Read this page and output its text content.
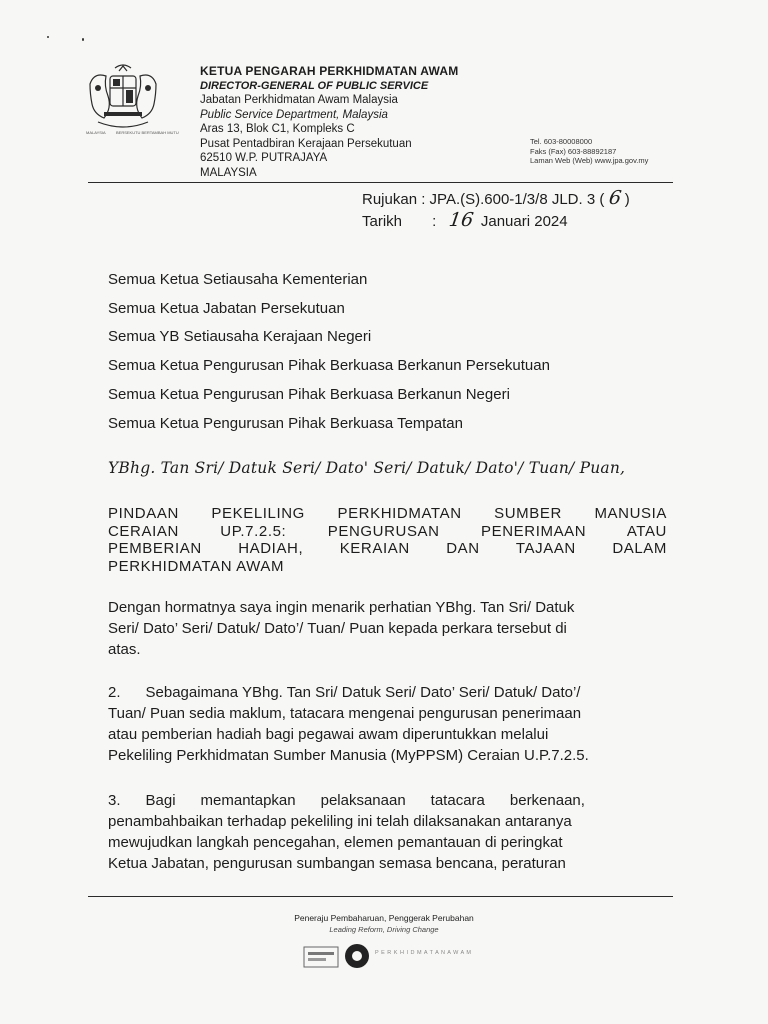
MALAYSIA	BERSEKUTU BERTAMBAH MUTU
KETUA PENGARAH PERKHIDMATAN AWAM
DIRECTOR-GENERAL OF PUBLIC SERVICE
Jabatan Perkhidmatan Awam Malaysia
Public Service Department, Malaysia
Aras 13, Blok C1, Kompleks C
Pusat Pentadbiran Kerajaan Persekutuan
62510 W.P. PUTRAJAYA
MALAYSIA
Tel. 603-80008000
Faks (Fax) 603-88892187
Laman Web (Web) www.jpa.gov.my
Rujukan : JPA.(S).600-1/3/8 JLD. 3 ( 6 )
Tarikh : 16 Januari 2024
Semua Ketua Setiausaha Kementerian
Semua Ketua Jabatan Persekutuan
Semua YB Setiausaha Kerajaan Negeri
Semua Ketua Pengurusan Pihak Berkuasa Berkanun Persekutuan
Semua Ketua Pengurusan Pihak Berkuasa Berkanun Negeri
Semua Ketua Pengurusan Pihak Berkuasa Tempatan
YBhg. Tan Sri/ Datuk Seri/ Dato' Seri/ Datuk/ Dato'/ Tuan/ Puan,
PINDAAN PEKELILING PERKHIDMATAN SUMBER MANUSIA
CERAIAN UP.7.2.5: PENGURUSAN PENERIMAAN ATAU
PEMBERIAN HADIAH, KERAIAN DAN TAJAAN DALAM
PERKHIDMATAN AWAM
Dengan hormatnya saya ingin menarik perhatian YBhg. Tan Sri/ Datuk
Seri/ Dato’ Seri/ Datuk/ Dato’/ Tuan/ Puan kepada perkara tersebut di
atas.
2.      Sebagaimana YBhg. Tan Sri/ Datuk Seri/ Dato’ Seri/ Datuk/ Dato’/
Tuan/ Puan sedia maklum, tatacara mengenai pengurusan penerimaan
atau pemberian hadiah bagi pegawai awam diperuntukkan melalui
Pekeliling Perkhidmatan Sumber Manusia (MyPPSM) Ceraian U.P.7.2.5.
3.      Bagi      memantapkan      pelaksanaan      tatacara      berkenaan,
penambahbaikan terhadap pekeliling ini telah dilaksanakan antaranya
mewujudkan langkah pencegahan, elemen pemantauan di peringkat
Ketua Jabatan, pengurusan sumbangan semasa bencana, peraturan
Peneraju Pembaharuan, Penggerak Perubahan
Leading Reform, Driving Change
P E R K H I D M A T A N A W A M
